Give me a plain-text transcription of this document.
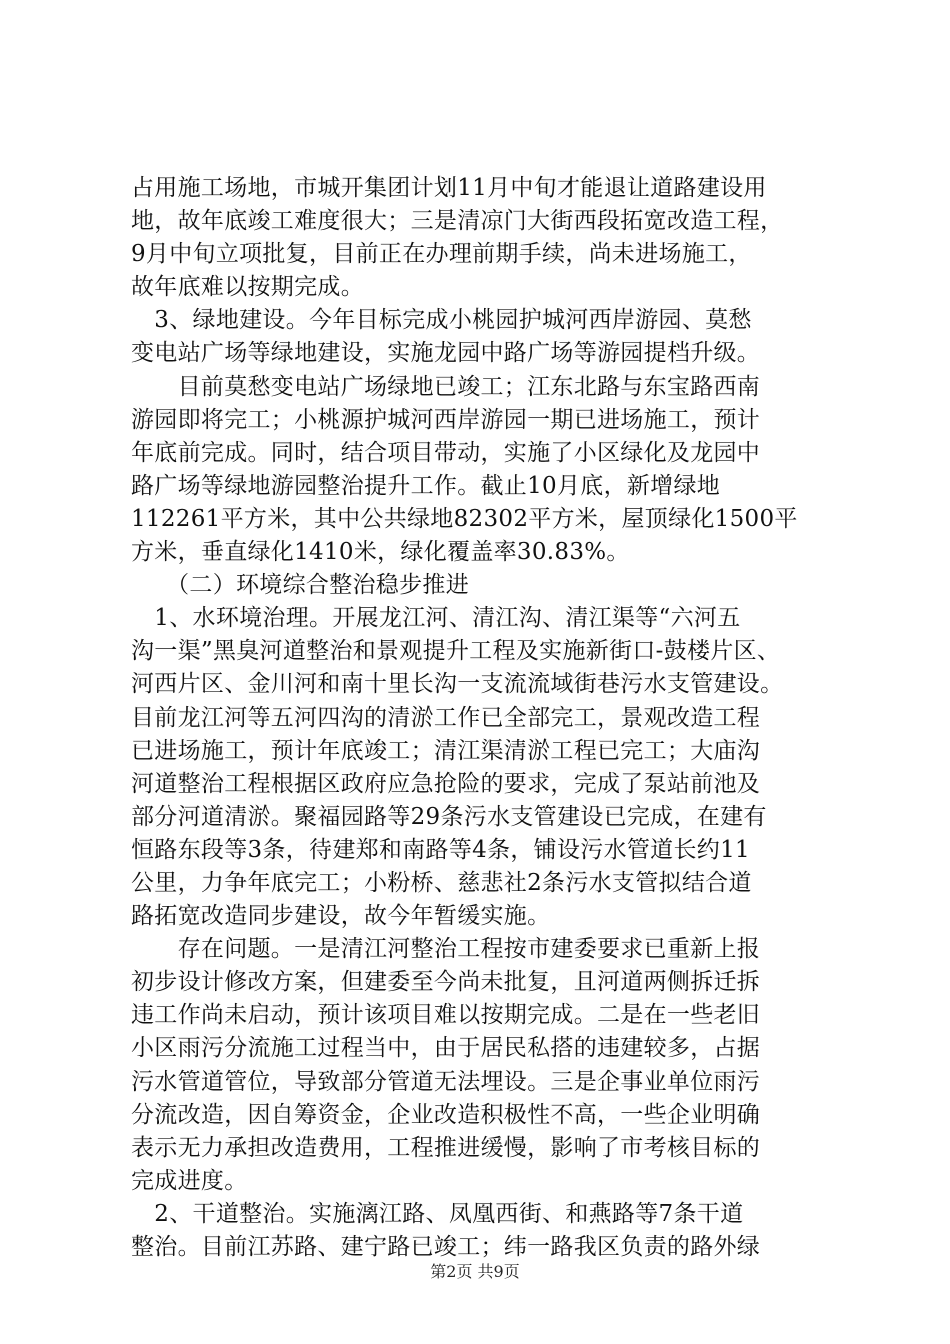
占用施工场地，市城开集团计划11月中旬才能退让道路建设用
地，故年底竣工难度很大；三是清凉门大街西段拓宽改造工程，
9月中旬立项批复，目前正在办理前期手续，尚未进场施工，
故年底难以按期完成。
　3、绿地建设。今年目标完成小桃园护城河西岸游园、莫愁
变电站广场等绿地建设，实施龙园中路广场等游园提档升级。
　　目前莫愁变电站广场绿地已竣工；江东北路与东宝路西南
游园即将完工；小桃源护城河西岸游园一期已进场施工，预计
年底前完成。同时，结合项目带动，实施了小区绿化及龙园中
路广场等绿地游园整治提升工作。截止10月底，新增绿地
112261平方米，其中公共绿地82302平方米，屋顶绿化1500平
方米，垂直绿化1410米，绿化覆盖率30.83%。
　　（二）环境综合整治稳步推进
　1、水环境治理。开展龙江河、清江沟、清江渠等“六河五
沟一渠”黑臭河道整治和景观提升工程及实施新街口-鼓楼片区、
河西片区、金川河和南十里长沟一支流流域街巷污水支管建设。
目前龙江河等五河四沟的清淤工作已全部完工，景观改造工程
已进场施工，预计年底竣工；清江渠清淤工程已完工；大庙沟
河道整治工程根据区政府应急抢险的要求，完成了泵站前池及
部分河道清淤。聚福园路等29条污水支管建设已完成，在建有
恒路东段等3条，待建郑和南路等4条，铺设污水管道长约11
公里，力争年底完工；小粉桥、慈悲社2条污水支管拟结合道
路拓宽改造同步建设，故今年暂缓实施。
　　存在问题。一是清江河整治工程按市建委要求已重新上报
初步设计修改方案，但建委至今尚未批复，且河道两侧拆迁拆
违工作尚未启动，预计该项目难以按期完成。二是在一些老旧
小区雨污分流施工过程当中，由于居民私搭的违建较多，占据
污水管道管位，导致部分管道无法埋设。三是企事业单位雨污
分流改造，因自筹资金，企业改造积极性不高，一些企业明确
表示无力承担改造费用，工程推进缓慢，影响了市考核目标的
完成进度。
　2、干道整治。实施漓江路、凤凰西街、和燕路等7条干道
整治。目前江苏路、建宁路已竣工；纬一路我区负责的路外绿
第2页 共9页
